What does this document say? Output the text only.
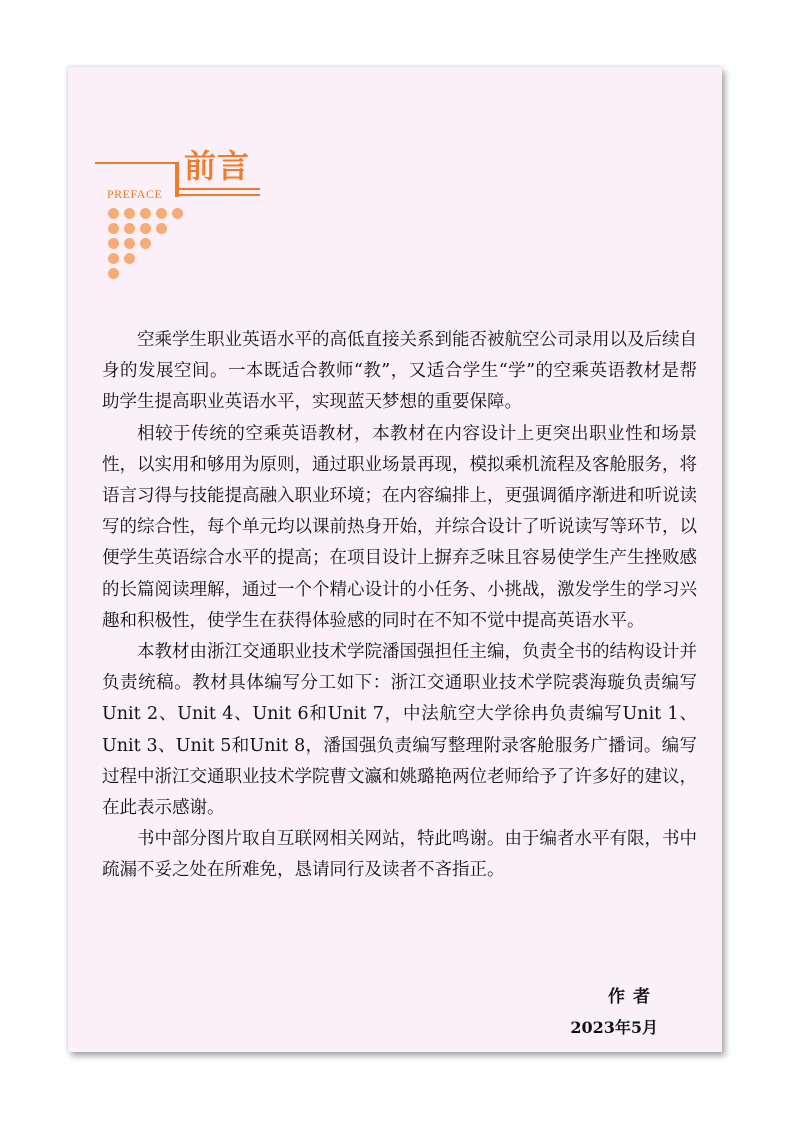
前言
PREFACE

空乘学生职业英语水平的高低直接关系到能否被航空公司录用以及后续自身的发展空间。一本既适合教师“教”，又适合学生“学”的空乘英语教材是帮助学生提高职业英语水平，实现蓝天梦想的重要保障。

相较于传统的空乘英语教材，本教材在内容设计上更突出职业性和场景性，以实用和够用为原则，通过职业场景再现，模拟乘机流程及客舱服务，将语言习得与技能提高融入职业环境；在内容编排上，更强调循序渐进和听说读写的综合性，每个单元均以课前热身开始，并综合设计了听说读写等环节，以便学生英语综合水平的提高；在项目设计上摒弃乏味且容易使学生产生挫败感的长篇阅读理解，通过一个个精心设计的小任务、小挑战，激发学生的学习兴趣和积极性，使学生在获得体验感的同时在不知不觉中提高英语水平。

本教材由浙江交通职业技术学院潘国强担任主编，负责全书的结构设计并负责统稿。教材具体编写分工如下：浙江交通职业技术学院裘海璇负责编写Unit 2、Unit 4、Unit 6和Unit 7，中法航空大学徐冉负责编写Unit 1、Unit 3、Unit 5和Unit 8，潘国强负责编写整理附录客舱服务广播词。编写过程中浙江交通职业技术学院曹文瀛和姚璐艳两位老师给予了许多好的建议，在此表示感谢。

书中部分图片取自互联网相关网站，特此鸣谢。由于编者水平有限，书中疏漏不妥之处在所难免，恳请同行及读者不吝指正。

作者
2023年5月
